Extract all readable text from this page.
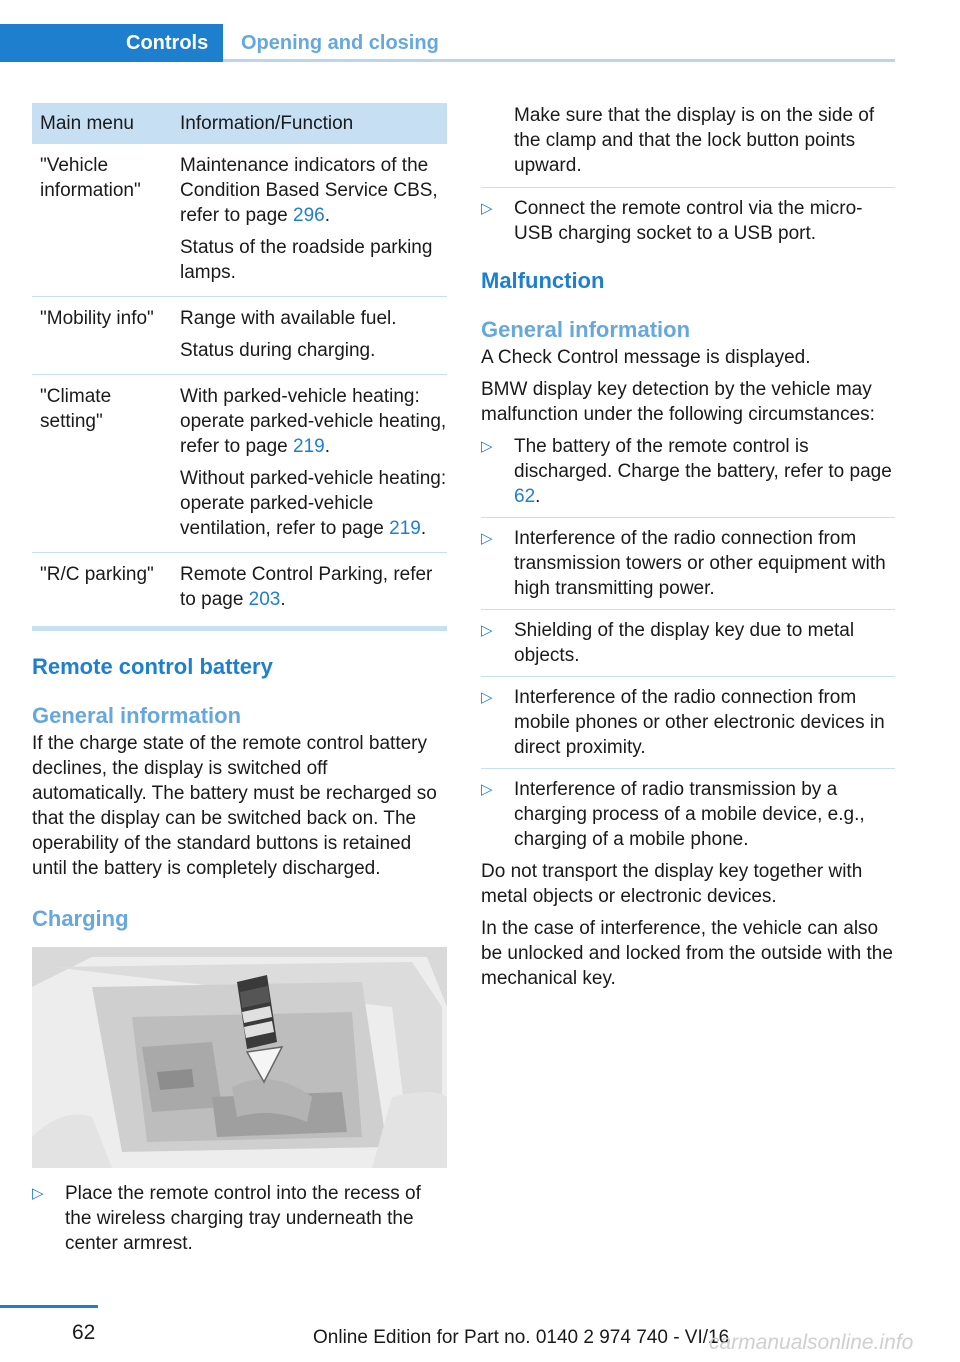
Controls	Opening and closing
Main menu	Information/Function
"Vehicle information"	Maintenance indicators of the Condition Based Service CBS, refer to page 296.

Status of the roadside parking lamps.

"Mobility info"	Range with available fuel.

Status during charging.

"Climate setting"	With parked-vehicle heating: operate parked-vehicle heating, refer to page 219.

Without parked-vehicle heating: operate parked-vehicle ventilation, refer to page 219.

"R/C parking"	Remote Control Parking, refer to page 203.

Remote control battery
General information

If the charge state of the remote control battery declines, the display is switched off automatically. The battery must be recharged so that the display can be switched back on. The operability of the standard buttons is retained until the battery is completely discharged.

Charging
▷ Place the remote control into the recess of the wireless charging tray underneath the center armrest.
Make sure that the display is on the side of the clamp and that the lock button points upward.
▷ Connect the remote control via the micro-USB charging socket to a USB port.
Malfunction
General information

A Check Control message is displayed.

BMW display key detection by the vehicle may malfunction under the following circumstances:

▷ The battery of the remote control is discharged. Charge the battery, refer to page 62.
▷ Interference of the radio connection from transmission towers or other equipment with high transmitting power.
▷ Shielding of the display key due to metal objects.
▷ Interference of the radio connection from mobile phones or other electronic devices in direct proximity.
▷ Interference of radio transmission by a charging process of a mobile device, e.g., charging of a mobile phone.

Do not transport the display key together with metal objects or electronic devices.

In the case of interference, the vehicle can also be unlocked and locked from the outside with the mechanical key.

62	Online Edition for Part no. 0140 2 974 740 - VI/16
carmanualsonline.info
